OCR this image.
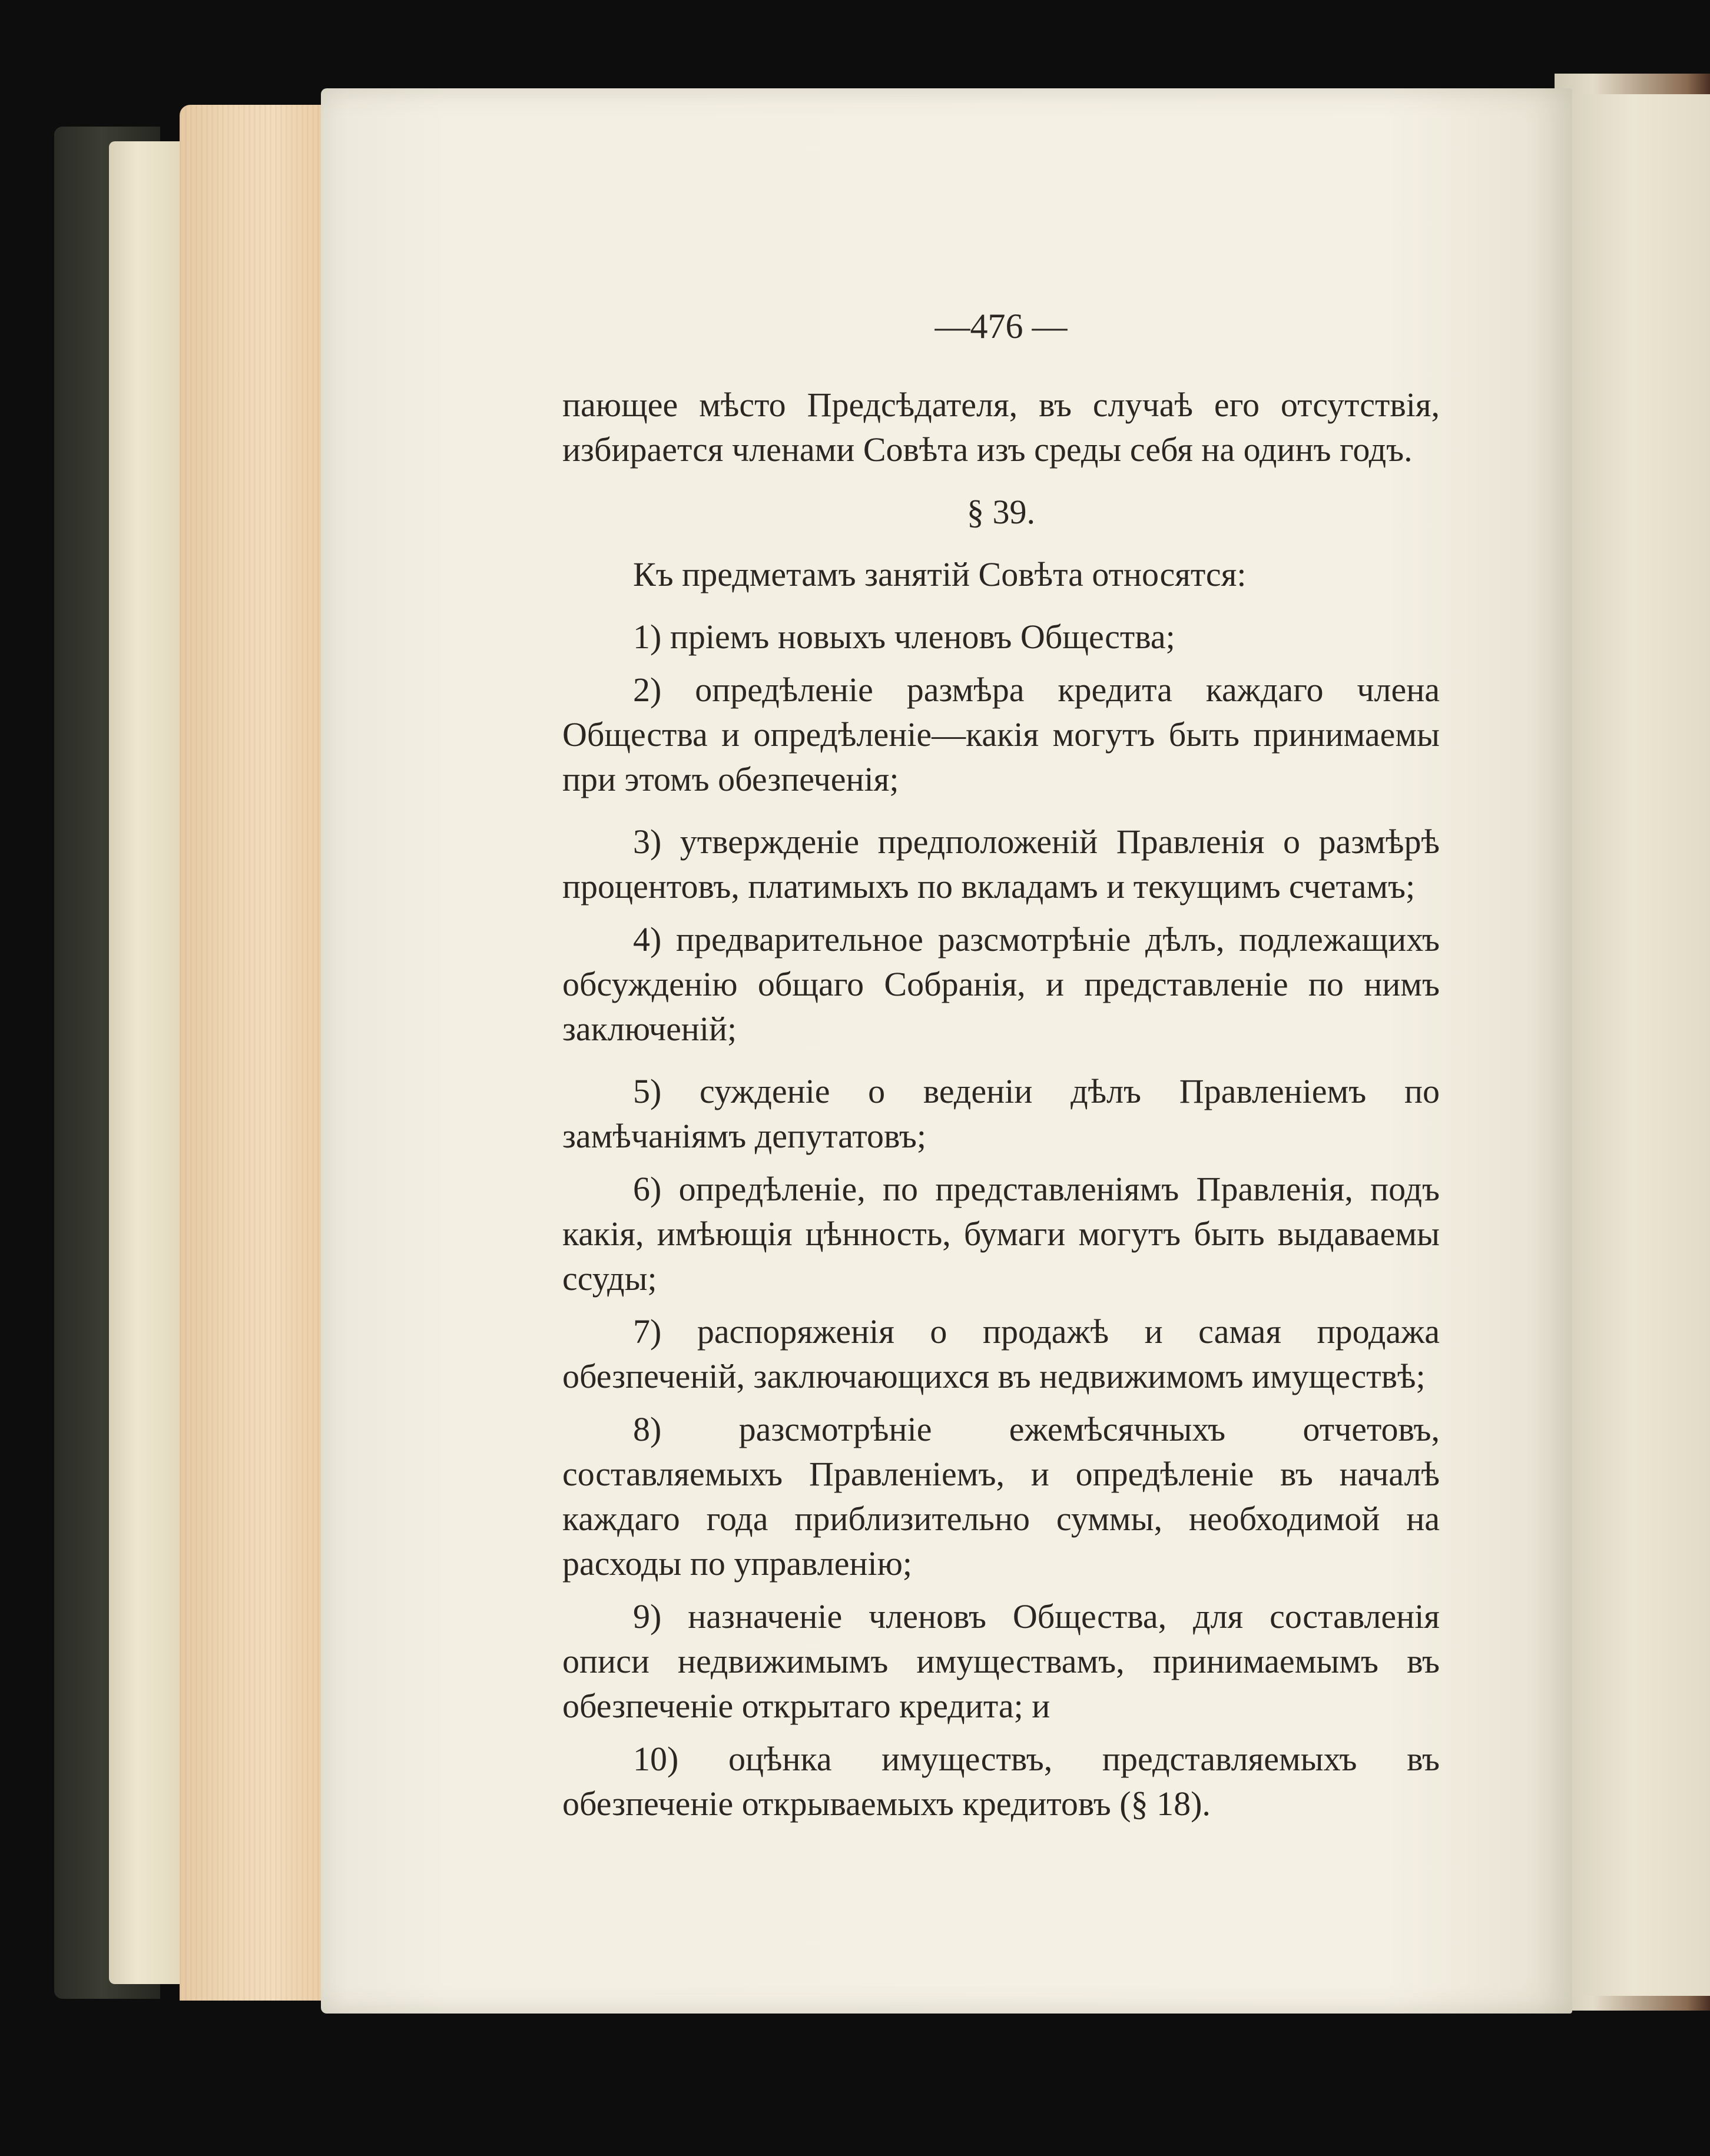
—476 —

пающее мѣсто Предсѣдателя, въ случаѣ его отсутствія, избирается членами Совѣта изъ среды себя на одинъ годъ.

§ 39.

Къ предметамъ занятій Совѣта относятся:

1) пріемъ новыхъ членовъ Общества;

2) опредѣленіе размѣра кредита каждаго члена Общества и опредѣленіе—какія могутъ быть принимаемы при этомъ обезпеченія;

3) утвержденіе предположеній Правленія о размѣрѣ процентовъ, платимыхъ по вкладамъ и текущимъ счетамъ;

4) предварительное разсмотрѣніе дѣлъ, подлежащихъ обсужденію общаго Собранія, и представленіе по нимъ заключеній;

5) сужденіе о веденіи дѣлъ Правленіемъ по замѣчаніямъ депутатовъ;

6) опредѣленіе, по представленіямъ Правленія, подъ какія, имѣющія цѣнность, бумаги могутъ быть выдаваемы ссуды;

7) распоряженія о продажѣ и самая продажа обезпеченій, заключающихся въ недвижимомъ имуществѣ;

8) разсмотрѣніе ежемѣсячныхъ отчетовъ, составляемыхъ Правленіемъ, и опредѣленіе въ началѣ каждаго года приблизительно суммы, необходимой на расходы по управленію;

9) назначеніе членовъ Общества, для составленія описи недвижимымъ имуществамъ, принимаемымъ въ обезпеченіе открытаго кредита; и

10) оцѣнка имуществъ, представляемыхъ въ обезпеченіе открываемыхъ кредитовъ (§ 18).
